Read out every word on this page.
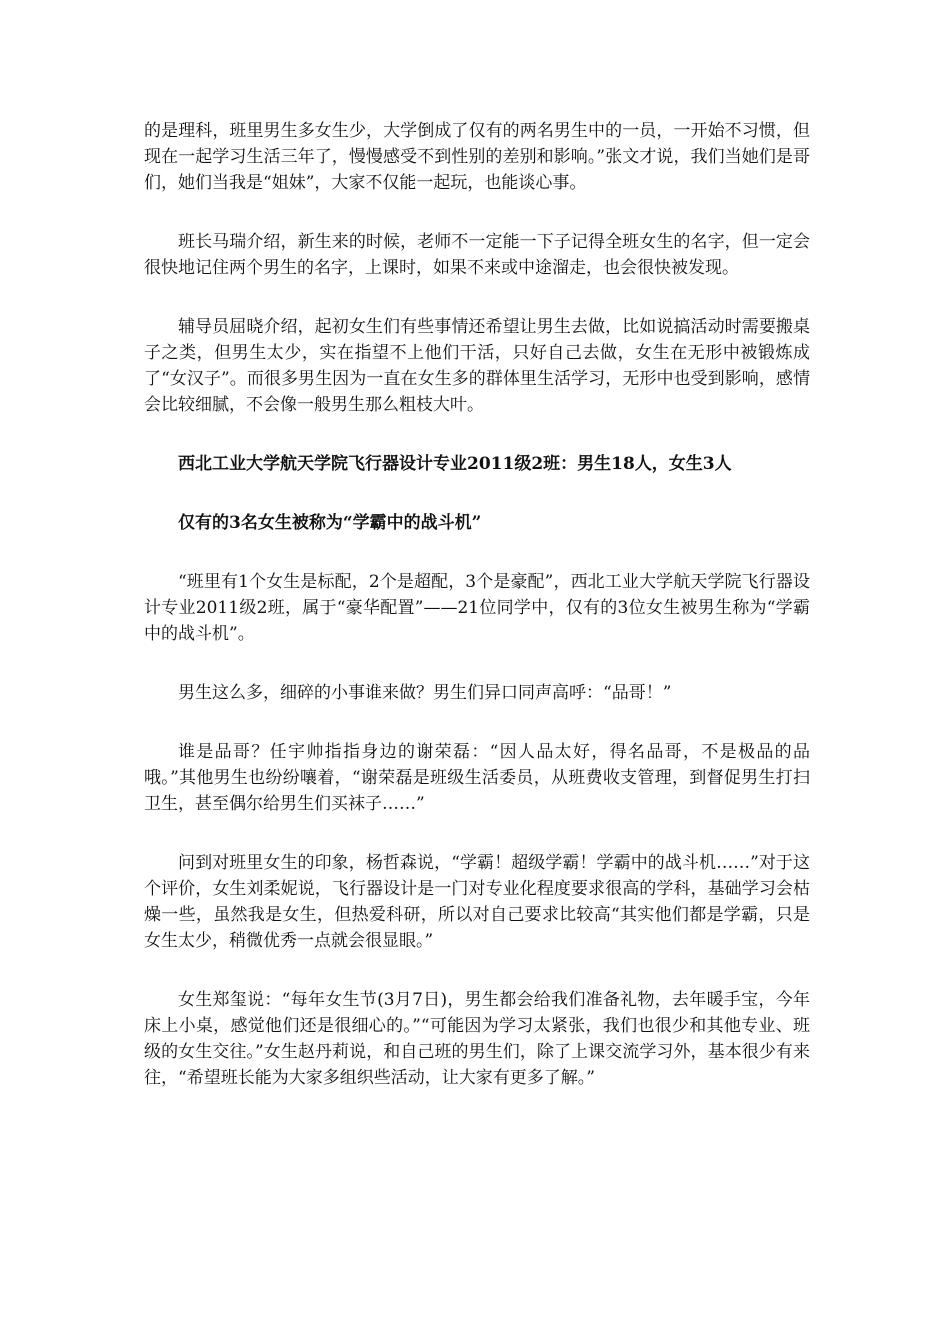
的是理科，班里男生多女生少，大学倒成了仅有的两名男生中的一员，一开始不习惯，但现在一起学习生活三年了，慢慢感受不到性别的差别和影响。”张文才说，我们当她们是哥们，她们当我是“姐妹”，大家不仅能一起玩，也能谈心事。

班长马瑞介绍，新生来的时候，老师不一定能一下子记得全班女生的名字，但一定会很快地记住两个男生的名字，上课时，如果不来或中途溜走，也会很快被发现。

辅导员屈晓介绍，起初女生们有些事情还希望让男生去做，比如说搞活动时需要搬桌子之类，但男生太少，实在指望不上他们干活，只好自己去做，女生在无形中被锻炼成了“女汉子”。而很多男生因为一直在女生多的群体里生活学习，无形中也受到影响，感情会比较细腻，不会像一般男生那么粗枝大叶。

西北工业大学航天学院飞行器设计专业2011级2班：男生18人，女生3人

仅有的3名女生被称为“学霸中的战斗机”

“班里有1个女生是标配，2个是超配，3个是豪配”，西北工业大学航天学院飞行器设计专业2011级2班，属于“豪华配置”——21位同学中，仅有的3位女生被男生称为“学霸中的战斗机”。

男生这么多，细碎的小事谁来做？男生们异口同声高呼：“品哥！”

谁是品哥？任宇帅指指身边的谢荣磊：“因人品太好，得名品哥，不是极品的品哦。”其他男生也纷纷嚷着，“谢荣磊是班级生活委员，从班费收支管理，到督促男生打扫卫生，甚至偶尔给男生们买袜子……”

问到对班里女生的印象，杨哲森说，“学霸！超级学霸！学霸中的战斗机……”对于这个评价，女生刘柔妮说，飞行器设计是一门对专业化程度要求很高的学科，基础学习会枯燥一些，虽然我是女生，但热爱科研，所以对自己要求比较高“其实他们都是学霸，只是女生太少，稍微优秀一点就会很显眼。”

女生郑玺说：“每年女生节(3月7日)，男生都会给我们准备礼物，去年暖手宝，今年床上小桌，感觉他们还是很细心的。”“可能因为学习太紧张，我们也很少和其他专业、班级的女生交往。”女生赵丹莉说，和自己班的男生们，除了上课交流学习外，基本很少有来往，“希望班长能为大家多组织些活动，让大家有更多了解。”
